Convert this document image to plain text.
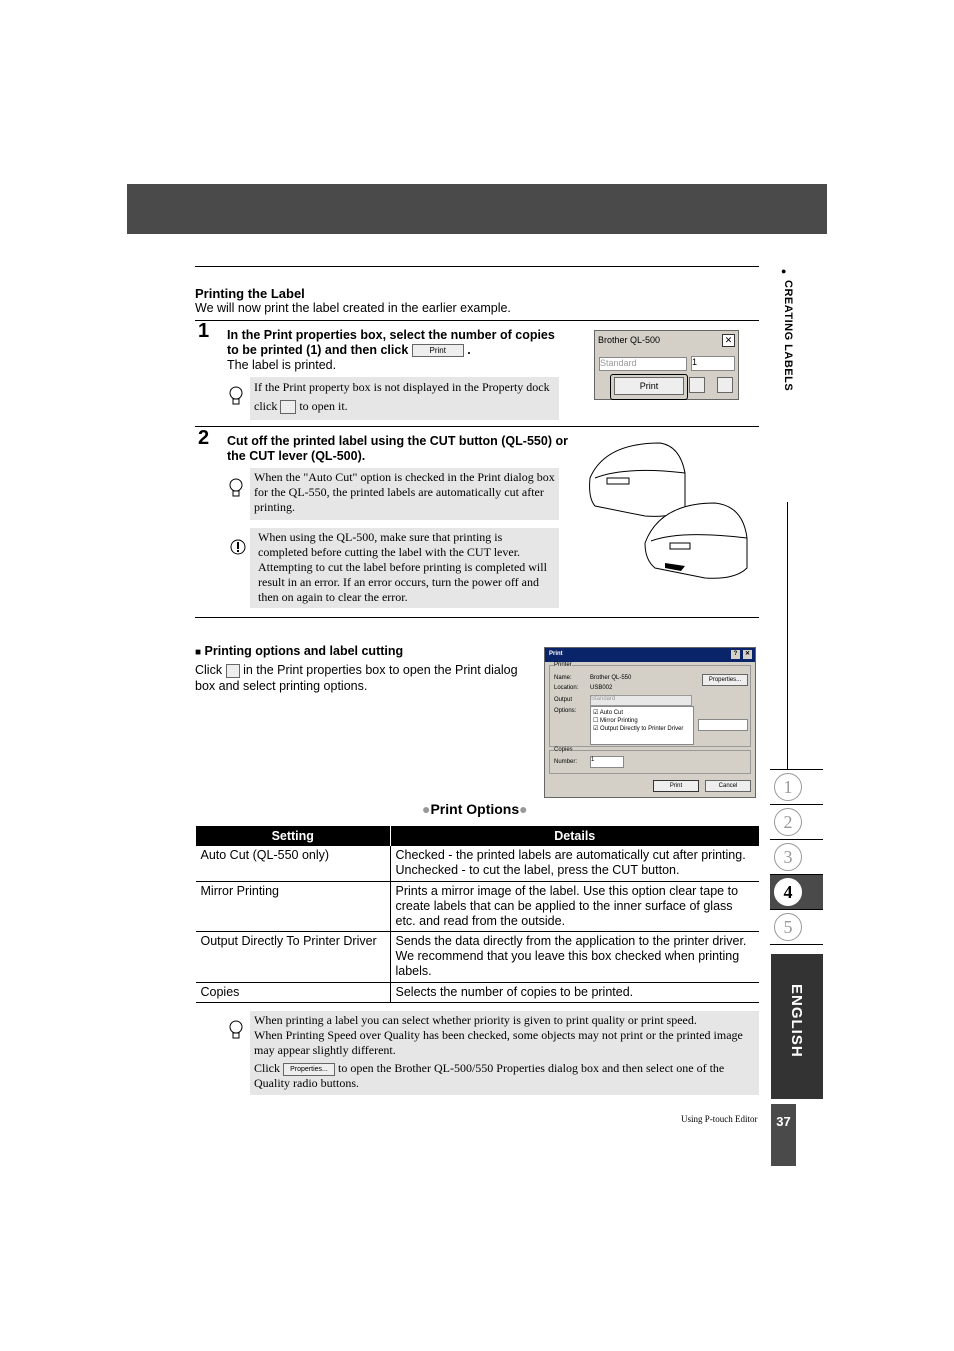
Printing the Label
We will now print the label created in the earlier example.
1 In the Print properties box, select the number of copies to be printed (1) and then click	Print .
The label is printed.
If the Print property box is not displayed in the Property dock
click to open it.
Brother QL-500	✕
Standard	1
Print
2 Cut off the printed label using the CUT button (QL-550) or the CUT lever (QL-500).
When the "Auto Cut" option is checked in the Print dialog box for the QL-550, the printed labels are automatically cut after printing.
When using the QL-500, make sure that printing is completed before cutting the label with the CUT lever. Attempting to cut the label before printing is completed will result in an error. If an error occurs, turn the power off and then on again to clear the error.
■ Printing options and label cutting
Click in the Print properties box to open the Print dialog box and select printing options.
Print	?	✕
Printer
Name:	Brother QL-550
Location: USB002
Properties...
Output	Standard
Options:	☑ Auto Cut
☐ Mirror Printing
☑ Output Directly to Printer Driver
Copies
Number: 1
Print	Cancel
●Print Options●
Setting	Details
Auto Cut (QL-550 only)	Checked - the printed labels are automatically cut after printing. Unchecked - to cut the label, press the CUT button.
Mirror Printing	Prints a mirror image of the label. Use this option clear tape to create labels that can be applied to the inner surface of glass etc. and read from the outside.
Output Directly To Printer Driver	Sends the data directly from the application to the printer driver. We recommend that you leave this box checked when printing labels.
Copies	Selects the number of copies to be printed.
When printing a label you can select whether priority is given to print quality or print speed.
When Printing Speed over Quality has been checked, some objects may not print or the printed image may appear slightly different.
Click Properties... to open the Brother QL-500/550 Properties dialog box and then select one of the Quality radio buttons.
●
CREATING LABELS
1
2
3
4
5
ENGLISH
37
Using P-touch Editor
